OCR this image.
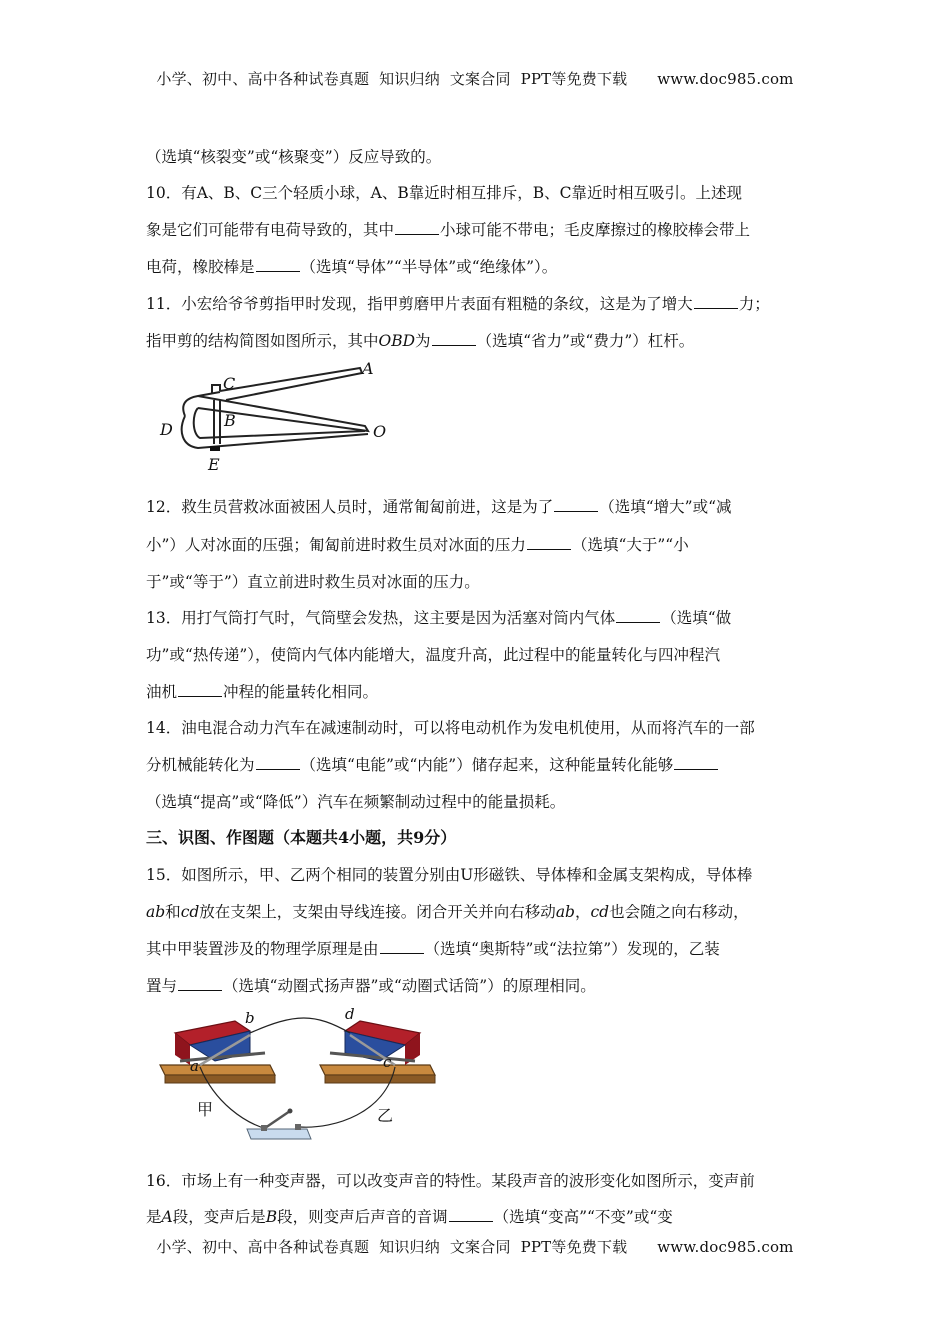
小学、初中、高中各种试卷真题  知识归纳  文案合同  PPT等免费下载 www.doc985.com
（选填“核裂变”或“核聚变”）反应导致的。
10．有A、B、C三个轻质小球，A、B靠近时相互排斥，B、C靠近时相互吸引。上述现
象是它们可能带有电荷导致的，其中	小球可能不带电；毛皮摩擦过的橡胶棒会带上
电荷，橡胶棒是	（选填“导体”“半导体”或“绝缘体”）。
11．小宏给爷爷剪指甲时发现，指甲剪磨甲片表面有粗糙的条纹，这是为了增大	力；
指甲剪的结构简图如图所示，其中OBD为	（选填“省力”或“费力”）杠杆。
A
C
B
D	O
E
12．救生员营救冰面被困人员时，通常匍匐前进，这是为了	（选填“增大”或“减
小”）人对冰面的压强；匍匐前进时救生员对冰面的压力	（选填“大于”“小
于”或“等于”）直立前进时救生员对冰面的压力。
13．用打气筒打气时，气筒壁会发热，这主要是因为活塞对筒内气体	（选填“做
功”或“热传递”），使筒内气体内能增大，温度升高，此过程中的能量转化与四冲程汽
油机	冲程的能量转化相同。
14．油电混合动力汽车在减速制动时，可以将电动机作为发电机使用，从而将汽车的一部
分机械能转化为	（选填“电能”或“内能”）储存起来，这种能量转化能够
（选填“提高”或“降低”）汽车在频繁制动过程中的能量损耗。
三、识图、作图题（本题共4小题，共9分）
15．如图所示，甲、乙两个相同的装置分别由U形磁铁、导体棒和金属支架构成，导体棒
ab和cd放在支架上，支架由导线连接。闭合开关并向右移动ab，cd也会随之向右移动，
其中甲装置涉及的物理学原理是由	（选填“奥斯特”或“法拉第”）发现的，乙装
置与	（选填“动圈式扬声器”或“动圈式话筒”）的原理相同。
b
a
d
c
甲	乙
16．市场上有一种变声器，可以改变声音的特性。某段声音的波形变化如图所示，变声前
是A段，变声后是B段，则变声后声音的音调	（选填“变高”“不变”或“变
小学、初中、高中各种试卷真题  知识归纳  文案合同  PPT等免费下载 www.doc985.com
